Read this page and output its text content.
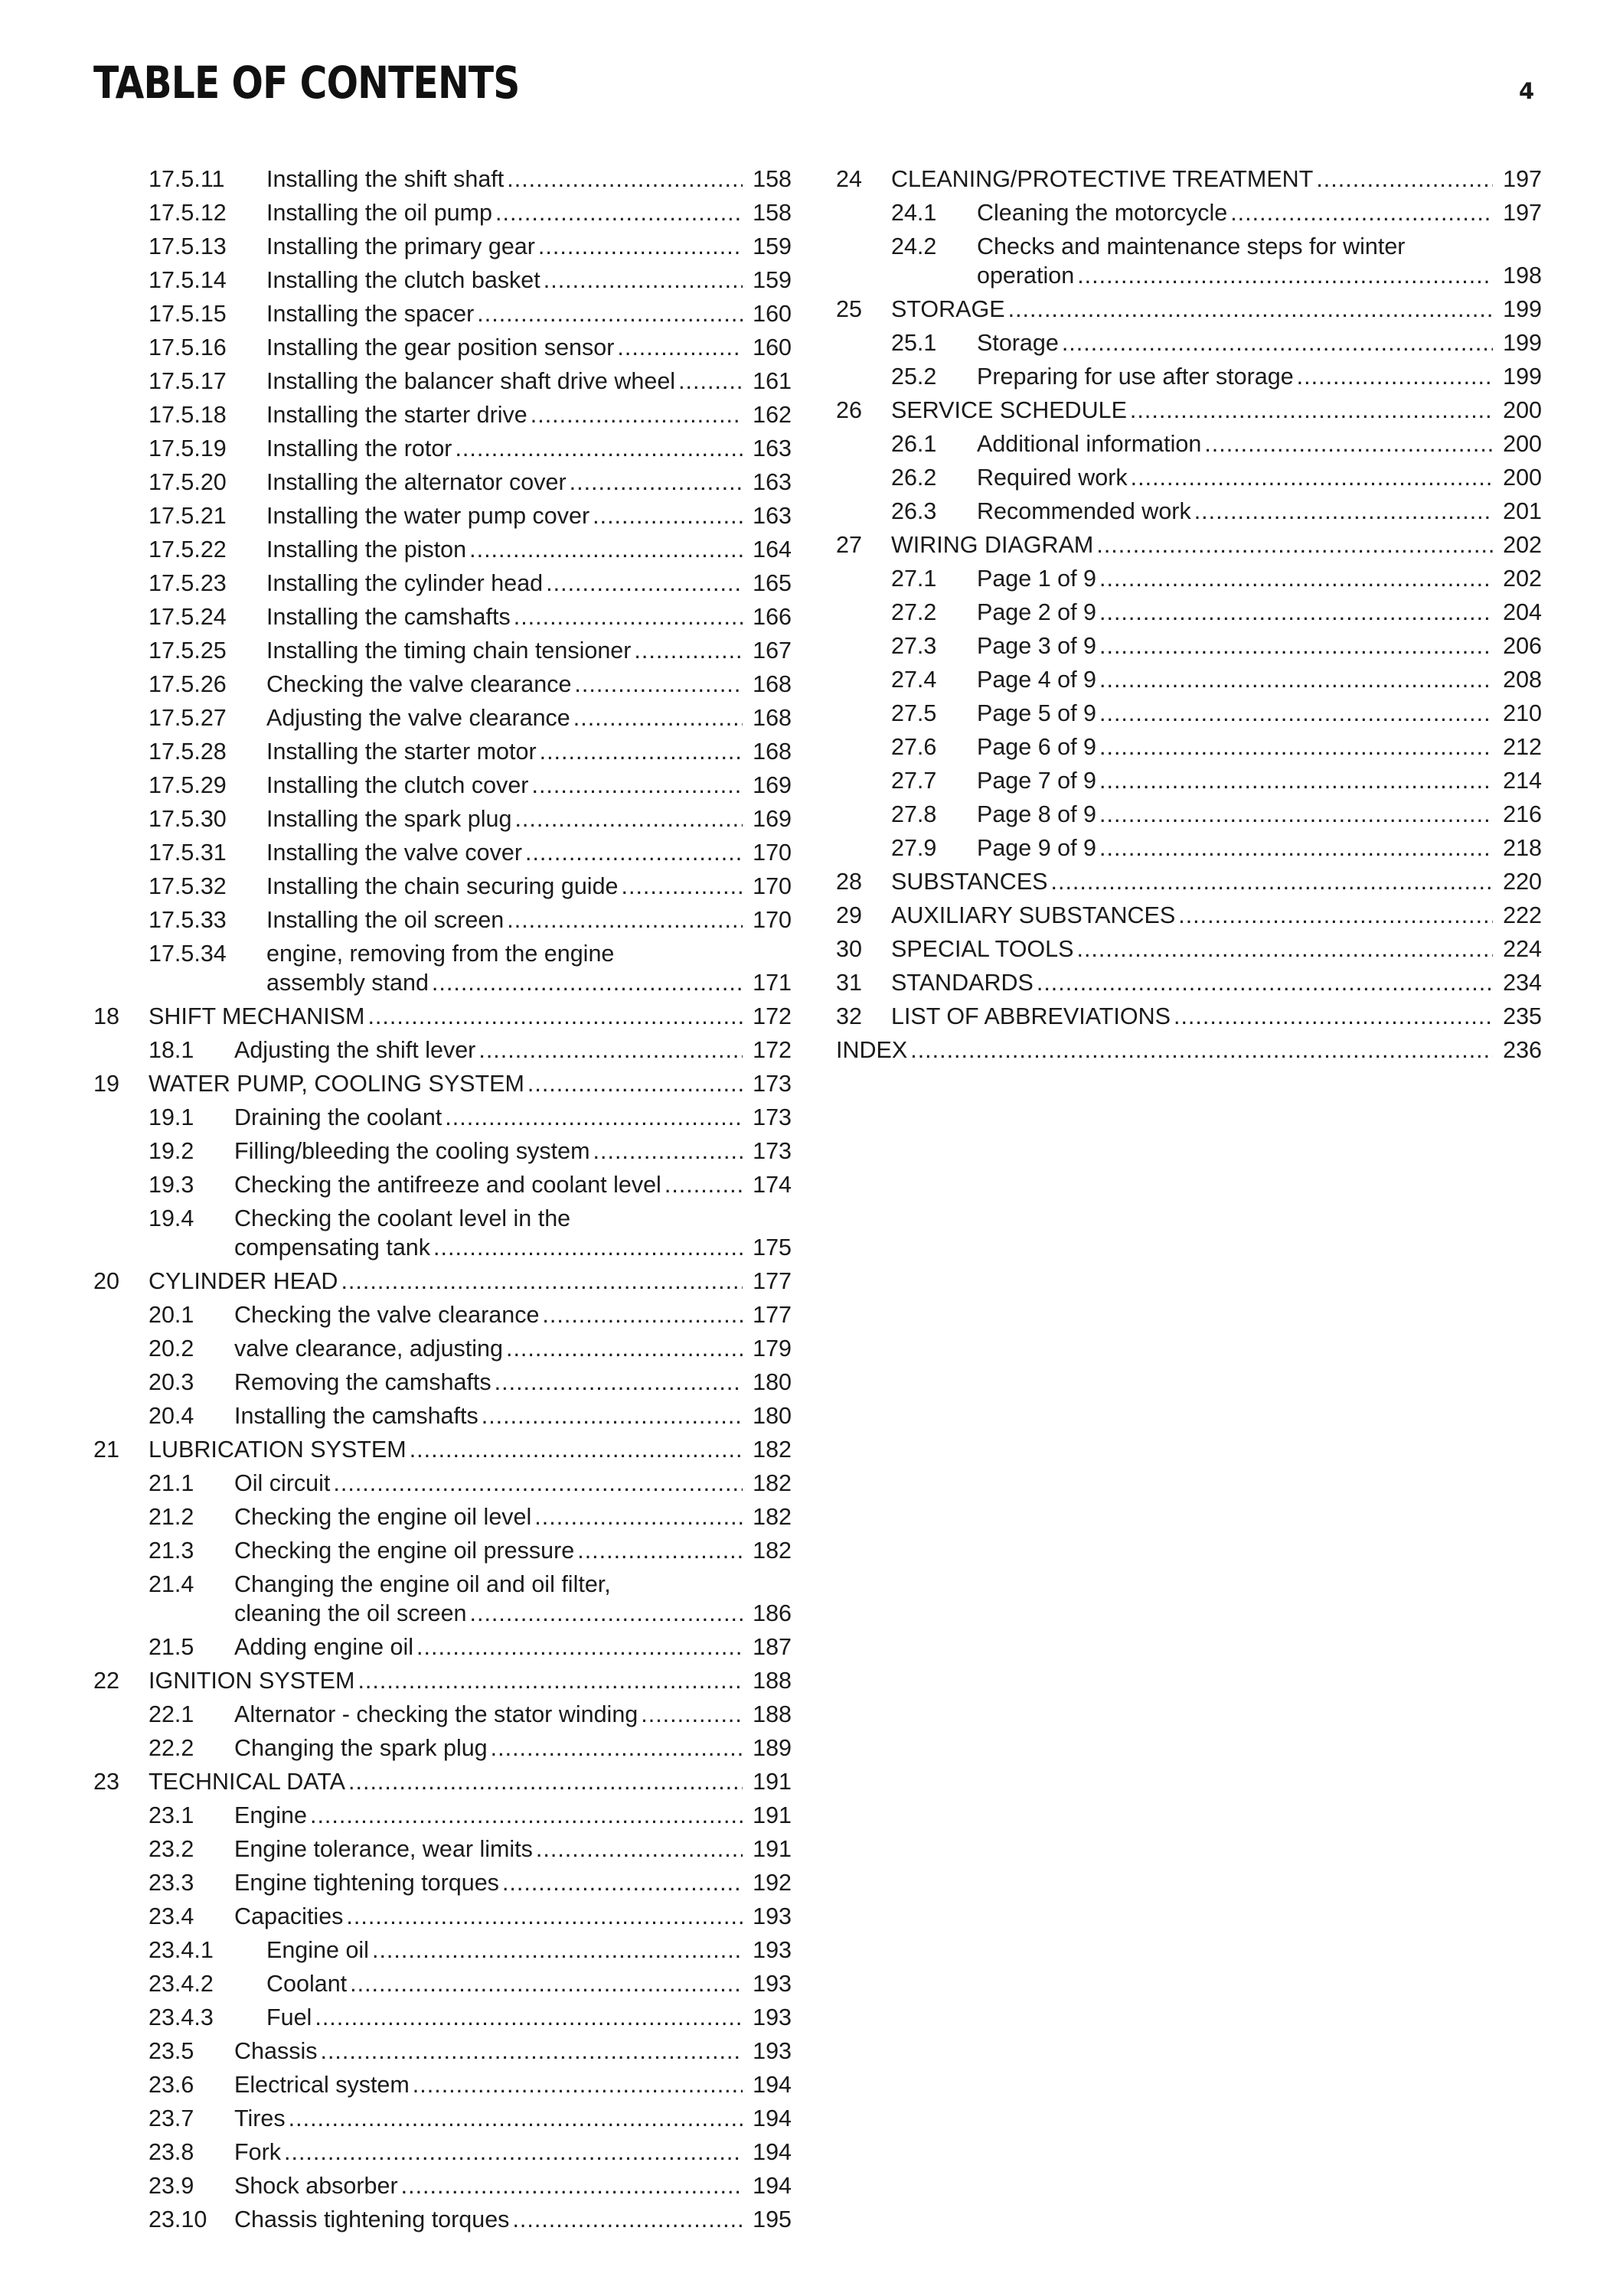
TABLE OF CONTENTS	4
17.5.11 Installing the shift shaft .....	158
17.5.12 Installing the oil pump .....	158
17.5.13 Installing the primary gear .....	159
17.5.14 Installing the clutch basket .....	159
17.5.15 Installing the spacer .....	160
17.5.16 Installing the gear position sensor .....	160
17.5.17 Installing the balancer shaft drive wheel .....	161
17.5.18 Installing the starter drive .....	162
17.5.19 Installing the rotor .....	163
17.5.20 Installing the alternator cover .....	163
17.5.21 Installing the water pump cover .....	163
17.5.22 Installing the piston .....	164
17.5.23 Installing the cylinder head .....	165
17.5.24 Installing the camshafts .....	166
17.5.25 Installing the timing chain tensioner .....	167
17.5.26 Checking the valve clearance .....	168
17.5.27 Adjusting the valve clearance .....	168
17.5.28 Installing the starter motor .....	168
17.5.29 Installing the clutch cover .....	169
17.5.30 Installing the spark plug .....	169
17.5.31 Installing the valve cover .....	170
17.5.32 Installing the chain securing guide .....	170
17.5.33 Installing the oil screen .....	170
17.5.34 engine, removing from the engine
assembly stand .....	171
18 SHIFT MECHANISM .....	172
18.1 Adjusting the shift lever .....	172
19 WATER PUMP, COOLING SYSTEM .....	173
19.1 Draining the coolant .....	173
19.2 Filling/bleeding the cooling system .....	173
19.3 Checking the antifreeze and coolant level .....	174
19.4 Checking the coolant level in the
compensating tank .....	175
20 CYLINDER HEAD .....	177
20.1 Checking the valve clearance .....	177
20.2 valve clearance, adjusting .....	179
20.3 Removing the camshafts .....	180
20.4 Installing the camshafts .....	180
21 LUBRICATION SYSTEM .....	182
21.1 Oil circuit .....	182
21.2 Checking the engine oil level .....	182
21.3 Checking the engine oil pressure .....	182
21.4 Changing the engine oil and oil filter,
cleaning the oil screen .....	186
21.5 Adding engine oil .....	187
22 IGNITION SYSTEM .....	188
22.1 Alternator - checking the stator winding .....	188
22.2 Changing the spark plug .....	189
23 TECHNICAL DATA .....	191
23.1 Engine .....	191
23.2 Engine tolerance, wear limits .....	191
23.3 Engine tightening torques .....	192
23.4 Capacities .....	193
23.4.1 Engine oil .....	193
23.4.2 Coolant .....	193
23.4.3 Fuel .....	193
23.5 Chassis .....	193
23.6 Electrical system .....	194
23.7 Tires .....	194
23.8 Fork .....	194
23.9 Shock absorber .....	194
23.10 Chassis tightening torques .....	195
24 CLEANING/PROTECTIVE TREATMENT .....	197
24.1 Cleaning the motorcycle .....	197
24.2 Checks and maintenance steps for winter
operation .....	198
25 STORAGE .....	199
25.1 Storage .....	199
25.2 Preparing for use after storage .....	199
26 SERVICE SCHEDULE .....	200
26.1 Additional information .....	200
26.2 Required work .....	200
26.3 Recommended work .....	201
27 WIRING DIAGRAM .....	202
27.1 Page 1 of 9 .....	202
27.2 Page 2 of 9 .....	204
27.3 Page 3 of 9 .....	206
27.4 Page 4 of 9 .....	208
27.5 Page 5 of 9 .....	210
27.6 Page 6 of 9 .....	212
27.7 Page 7 of 9 .....	214
27.8 Page 8 of 9 .....	216
27.9 Page 9 of 9 .....	218
28 SUBSTANCES .....	220
29 AUXILIARY SUBSTANCES .....	222
30 SPECIAL TOOLS .....	224
31 STANDARDS .....	234
32 LIST OF ABBREVIATIONS .....	235
INDEX .....	236
